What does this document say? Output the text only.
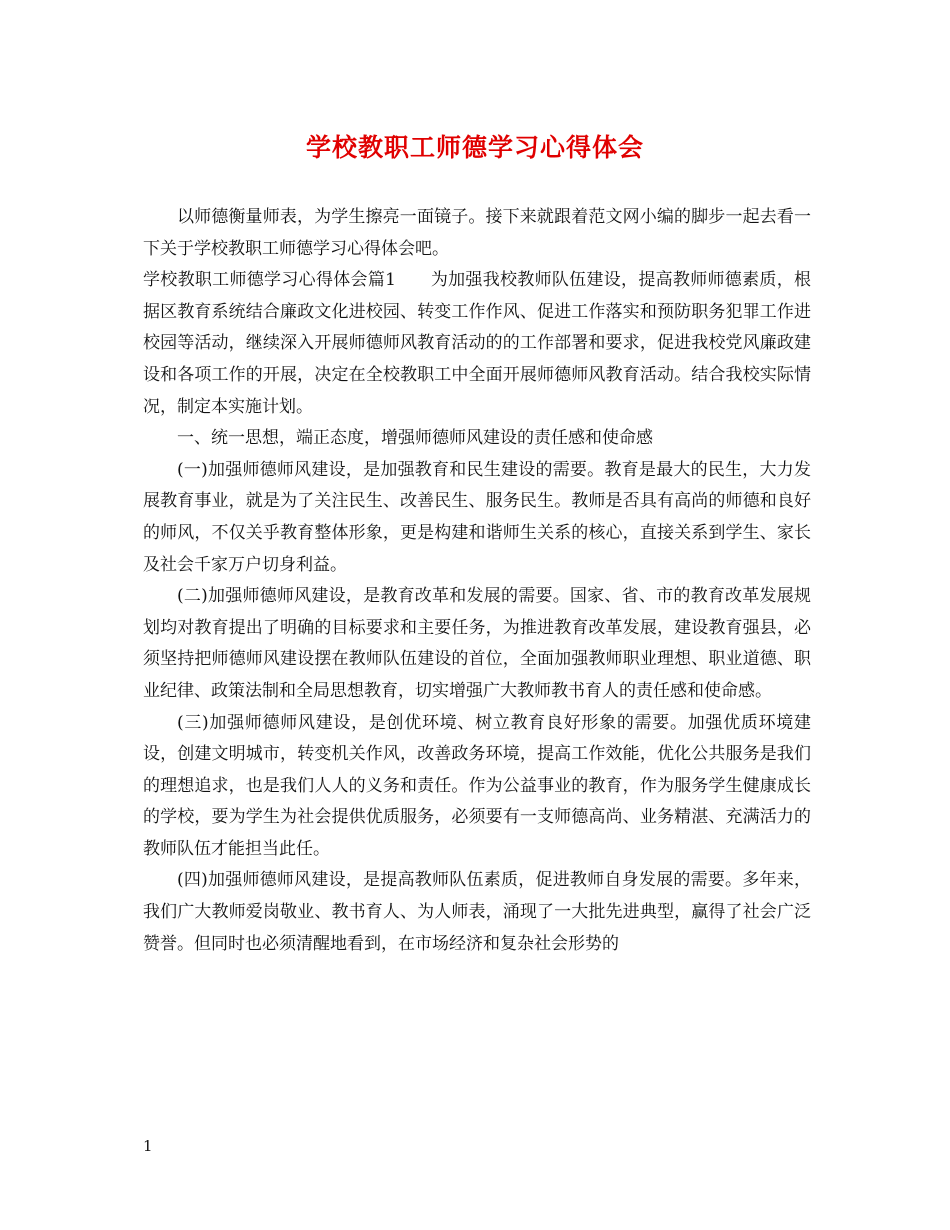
学校教职工师德学习心得体会

以师德衡量师表，为学生擦亮一面镜子。接下来就跟着范文网小编的脚步一起去看一下关于学校教职工师德学习心得体会吧。

学校教职工师德学习心得体会篇1　　为加强我校教师队伍建设，提高教师师德素质，根据区教育系统结合廉政文化进校园、转变工作作风、促进工作落实和预防职务犯罪工作进校园等活动，继续深入开展师德师风教育活动的的工作部署和要求，促进我校党风廉政建设和各项工作的开展，决定在全校教职工中全面开展师德师风教育活动。结合我校实际情况，制定本实施计划。

一、统一思想，端正态度，增强师德师风建设的责任感和使命感

(一)加强师德师风建设，是加强教育和民生建设的需要。教育是最大的民生，大力发展教育事业，就是为了关注民生、改善民生、服务民生。教师是否具有高尚的师德和良好的师风，不仅关乎教育整体形象，更是构建和谐师生关系的核心，直接关系到学生、家长及社会千家万户切身利益。

(二)加强师德师风建设，是教育改革和发展的需要。国家、省、市的教育改革发展规划均对教育提出了明确的目标要求和主要任务，为推进教育改革发展，建设教育强县，必须坚持把师德师风建设摆在教师队伍建设的首位，全面加强教师职业理想、职业道德、职业纪律、政策法制和全局思想教育，切实增强广大教师教书育人的责任感和使命感。

(三)加强师德师风建设，是创优环境、树立教育良好形象的需要。加强优质环境建设，创建文明城市，转变机关作风，改善政务环境，提高工作效能，优化公共服务是我们的理想追求，也是我们人人的义务和责任。作为公益事业的教育，作为服务学生健康成长的学校，要为学生为社会提供优质服务，必须要有一支师德高尚、业务精湛、充满活力的教师队伍才能担当此任。

(四)加强师德师风建设，是提高教师队伍素质，促进教师自身发展的需要。多年来，我们广大教师爱岗敬业、教书育人、为人师表，涌现了一大批先进典型，赢得了社会广泛赞誉。但同时也必须清醒地看到，在市场经济和复杂社会形势的

1
